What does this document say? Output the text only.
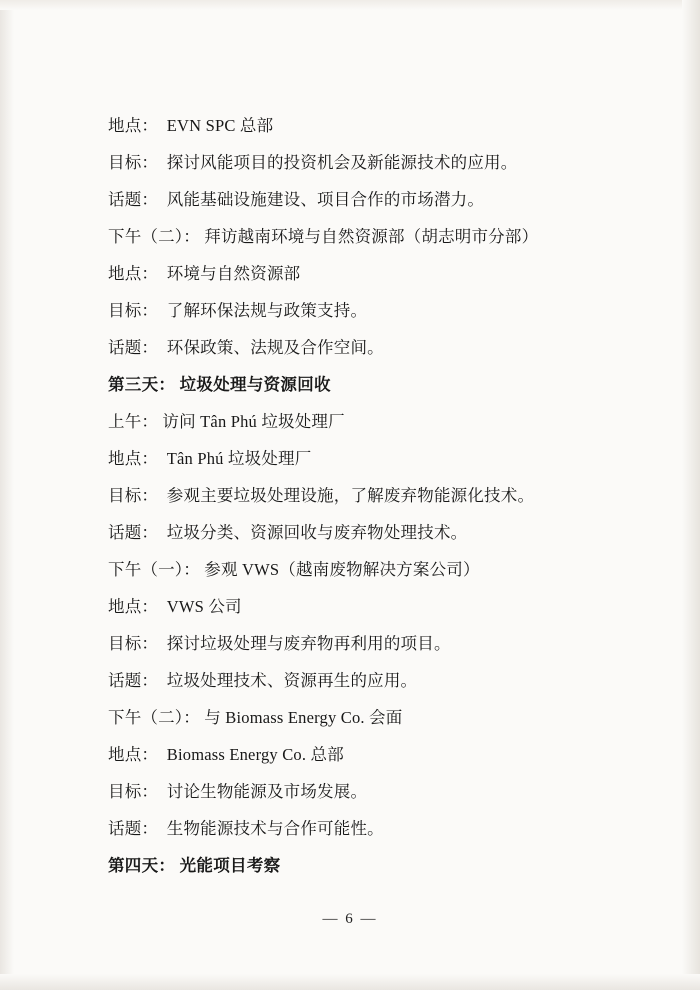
地点：  EVN SPC 总部

目标：  探讨风能项目的投资机会及新能源技术的应用。

话题：  风能基础设施建设、项目合作的市场潜力。

下午（二）： 拜访越南环境与自然资源部（胡志明市分部）

地点：  环境与自然资源部

目标：  了解环保法规与政策支持。

话题：  环保政策、法规及合作空间。

第三天： 垃圾处理与资源回收

上午： 访问 Tân Phú 垃圾处理厂

地点：  Tân Phú 垃圾处理厂

目标：  参观主要垃圾处理设施，了解废弃物能源化技术。

话题：  垃圾分类、资源回收与废弃物处理技术。

下午（一）： 参观 VWS（越南废物解决方案公司）

地点：  VWS 公司

目标：  探讨垃圾处理与废弃物再利用的项目。

话题：  垃圾处理技术、资源再生的应用。

下午（二）： 与 Biomass Energy Co. 会面

地点：  Biomass Energy Co. 总部

目标：  讨论生物能源及市场发展。

话题：  生物能源技术与合作可能性。

第四天： 光能项目考察

— 6 —
